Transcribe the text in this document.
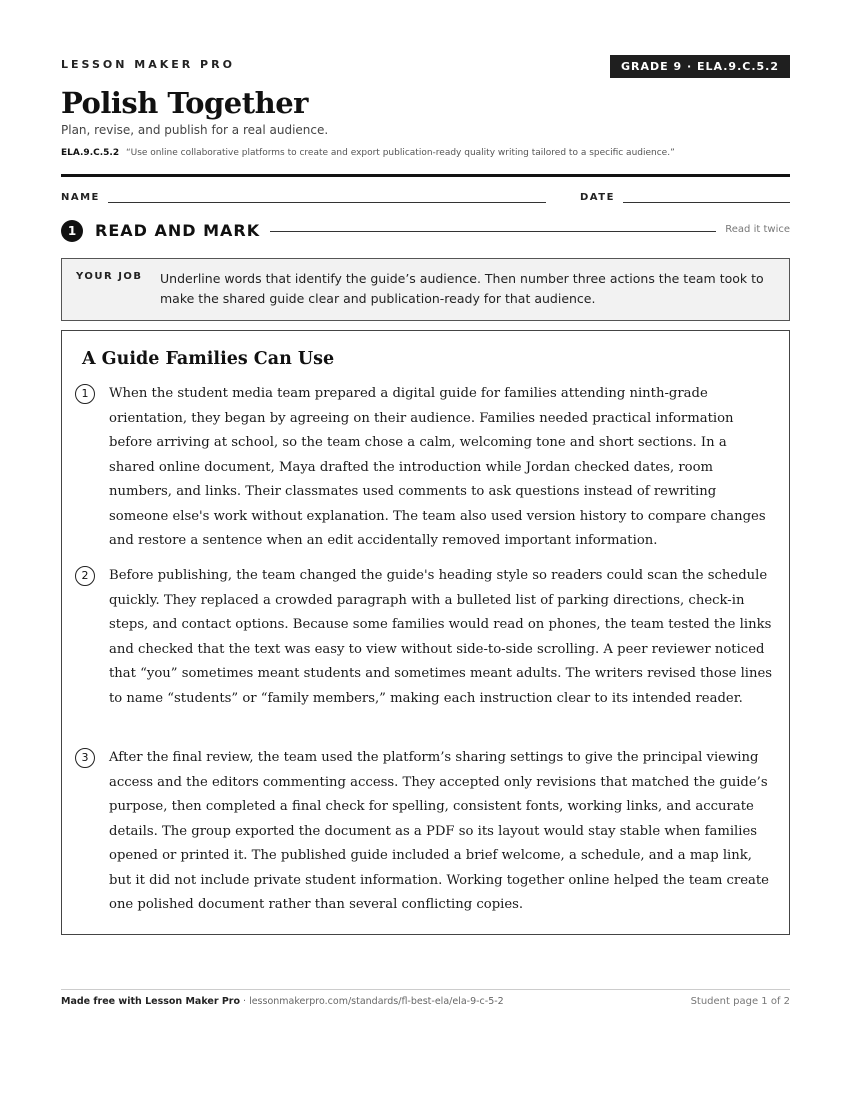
LESSON MAKER PRO	GRADE 9 · ELA.9.C.5.2
Polish Together
Plan, revise, and publish for a real audience.
ELA.9.C.5.2 “Use online collaborative platforms to create and export publication-ready quality writing tailored to a specific audience.”
NAME	DATE
1	READ AND MARK	Read it twice
YOUR JOB Underline words that identify the guide’s audience. Then number three actions the team took to make the shared guide clear and publication-ready for that audience.
A Guide Families Can Use
1	When the student media team prepared a digital guide for families attending ninth-grade orientation, they began by agreeing on their audience. Families needed practical information before arriving at school, so the team chose a calm, welcoming tone and short sections. In a shared online document, Maya drafted the introduction while Jordan checked dates, room numbers, and links. Their classmates used comments to ask questions instead of rewriting someone else's work without explanation. The team also used version history to compare changes and restore a sentence when an edit accidentally removed important information.
2	Before publishing, the team changed the guide's heading style so readers could scan the schedule quickly. They replaced a crowded paragraph with a bulleted list of parking directions, check-in steps, and contact options. Because some families would read on phones, the team tested the links and checked that the text was easy to view without side-to-side scrolling. A peer reviewer noticed that “you” sometimes meant students and sometimes meant adults. The writers revised those lines to name “students” or “family members,” making each instruction clear to its intended reader.
3	After the final review, the team used the platform’s sharing settings to give the principal viewing access and the editors commenting access. They accepted only revisions that matched the guide’s purpose, then completed a final check for spelling, consistent fonts, working links, and accurate details. The group exported the document as a PDF so its layout would stay stable when families opened or printed it. The published guide included a brief welcome, a schedule, and a map link, but it did not include private student information. Working together online helped the team create one polished document rather than several conflicting copies.
Made free with Lesson Maker Pro · lessonmakerpro.com/standards/fl-best-ela/ela-9-c-5-2	Student page 1 of 2
